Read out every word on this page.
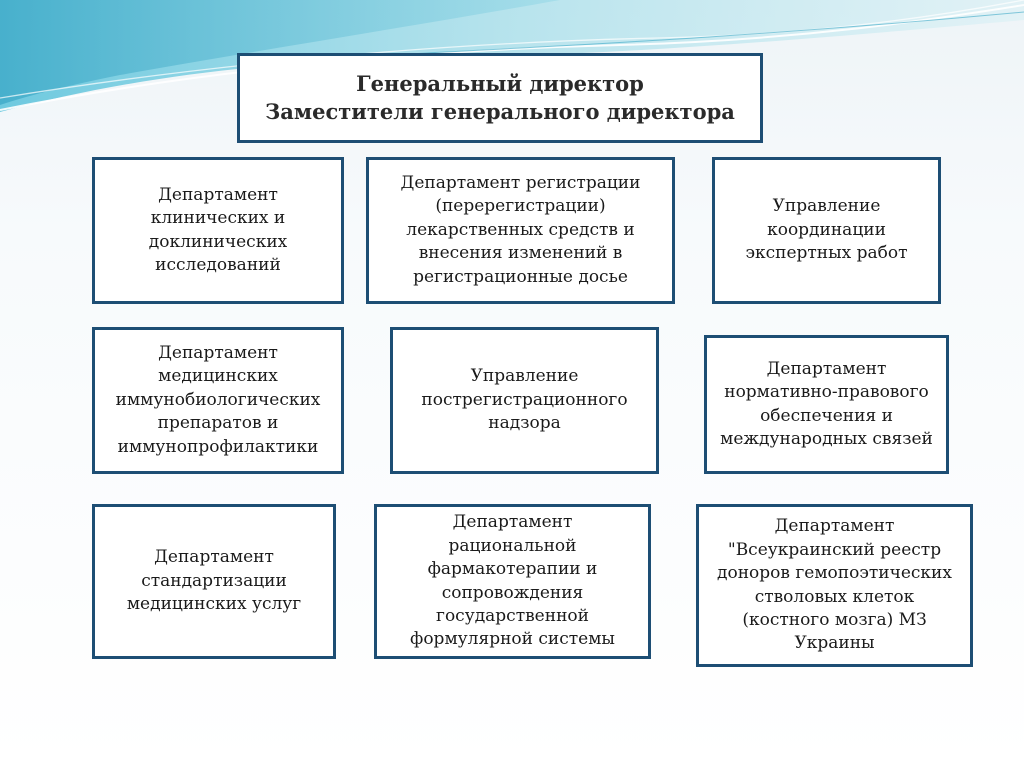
Генеральный директор
Заместители генерального директора
Департамент клинических и доклинических исследований
Департамент регистрации (перерегистрации) лекарственных средств и внесения изменений в регистрационные досье
Управление координации экспертных работ
Департамент медицинских иммунобиологических препаратов и иммунопрофилактики
Управление пострегистрационного надзора
Департамент нормативно-правового обеспечения и международных связей
Департамент стандартизации медицинских услуг
Департамент рациональной фармакотерапии и сопровождения государственной формулярной системы
Департамент "Всеукраинский реестр доноров гемопоэтических стволовых клеток (костного мозга) МЗ Украины
